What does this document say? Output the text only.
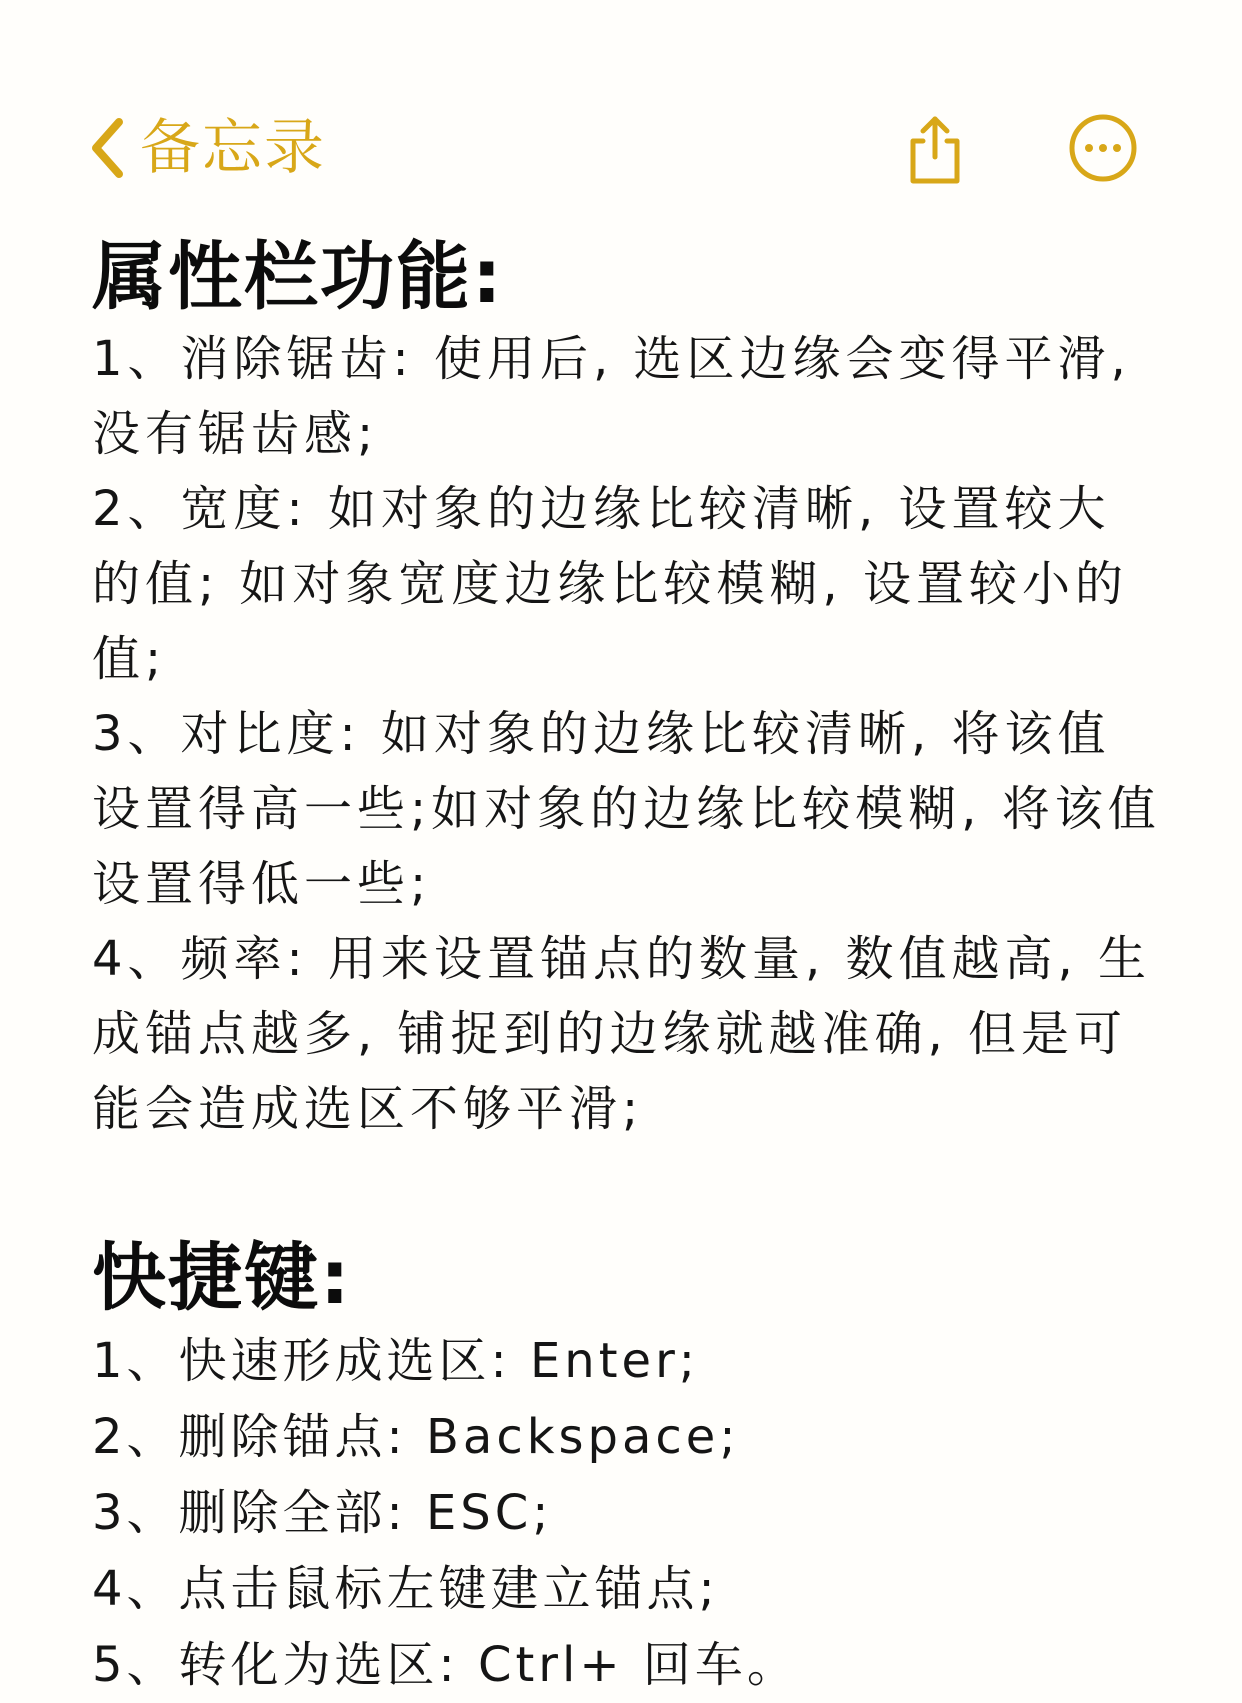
备忘录
属性栏功能:

1、消除锯齿: 使用后, 选区边缘会变得平滑, 没有锯齿感;

2、宽度: 如对象的边缘比较清晰, 设置较大的值; 如对象宽度边缘比较模糊, 设置较小的值;

3、对比度: 如对象的边缘比较清晰, 将该值设置得高一些;如对象的边缘比较模糊, 将该值设置得低一些;

4、频率: 用来设置锚点的数量, 数值越高, 生成锚点越多, 铺捉到的边缘就越准确, 但是可能会造成选区不够平滑;

快捷键:

1、快速形成选区: Enter;

2、删除锚点: Backspace;

3、删除全部: ESC;

4、点击鼠标左键建立锚点;

5、转化为选区: Ctrl+ 回车。
